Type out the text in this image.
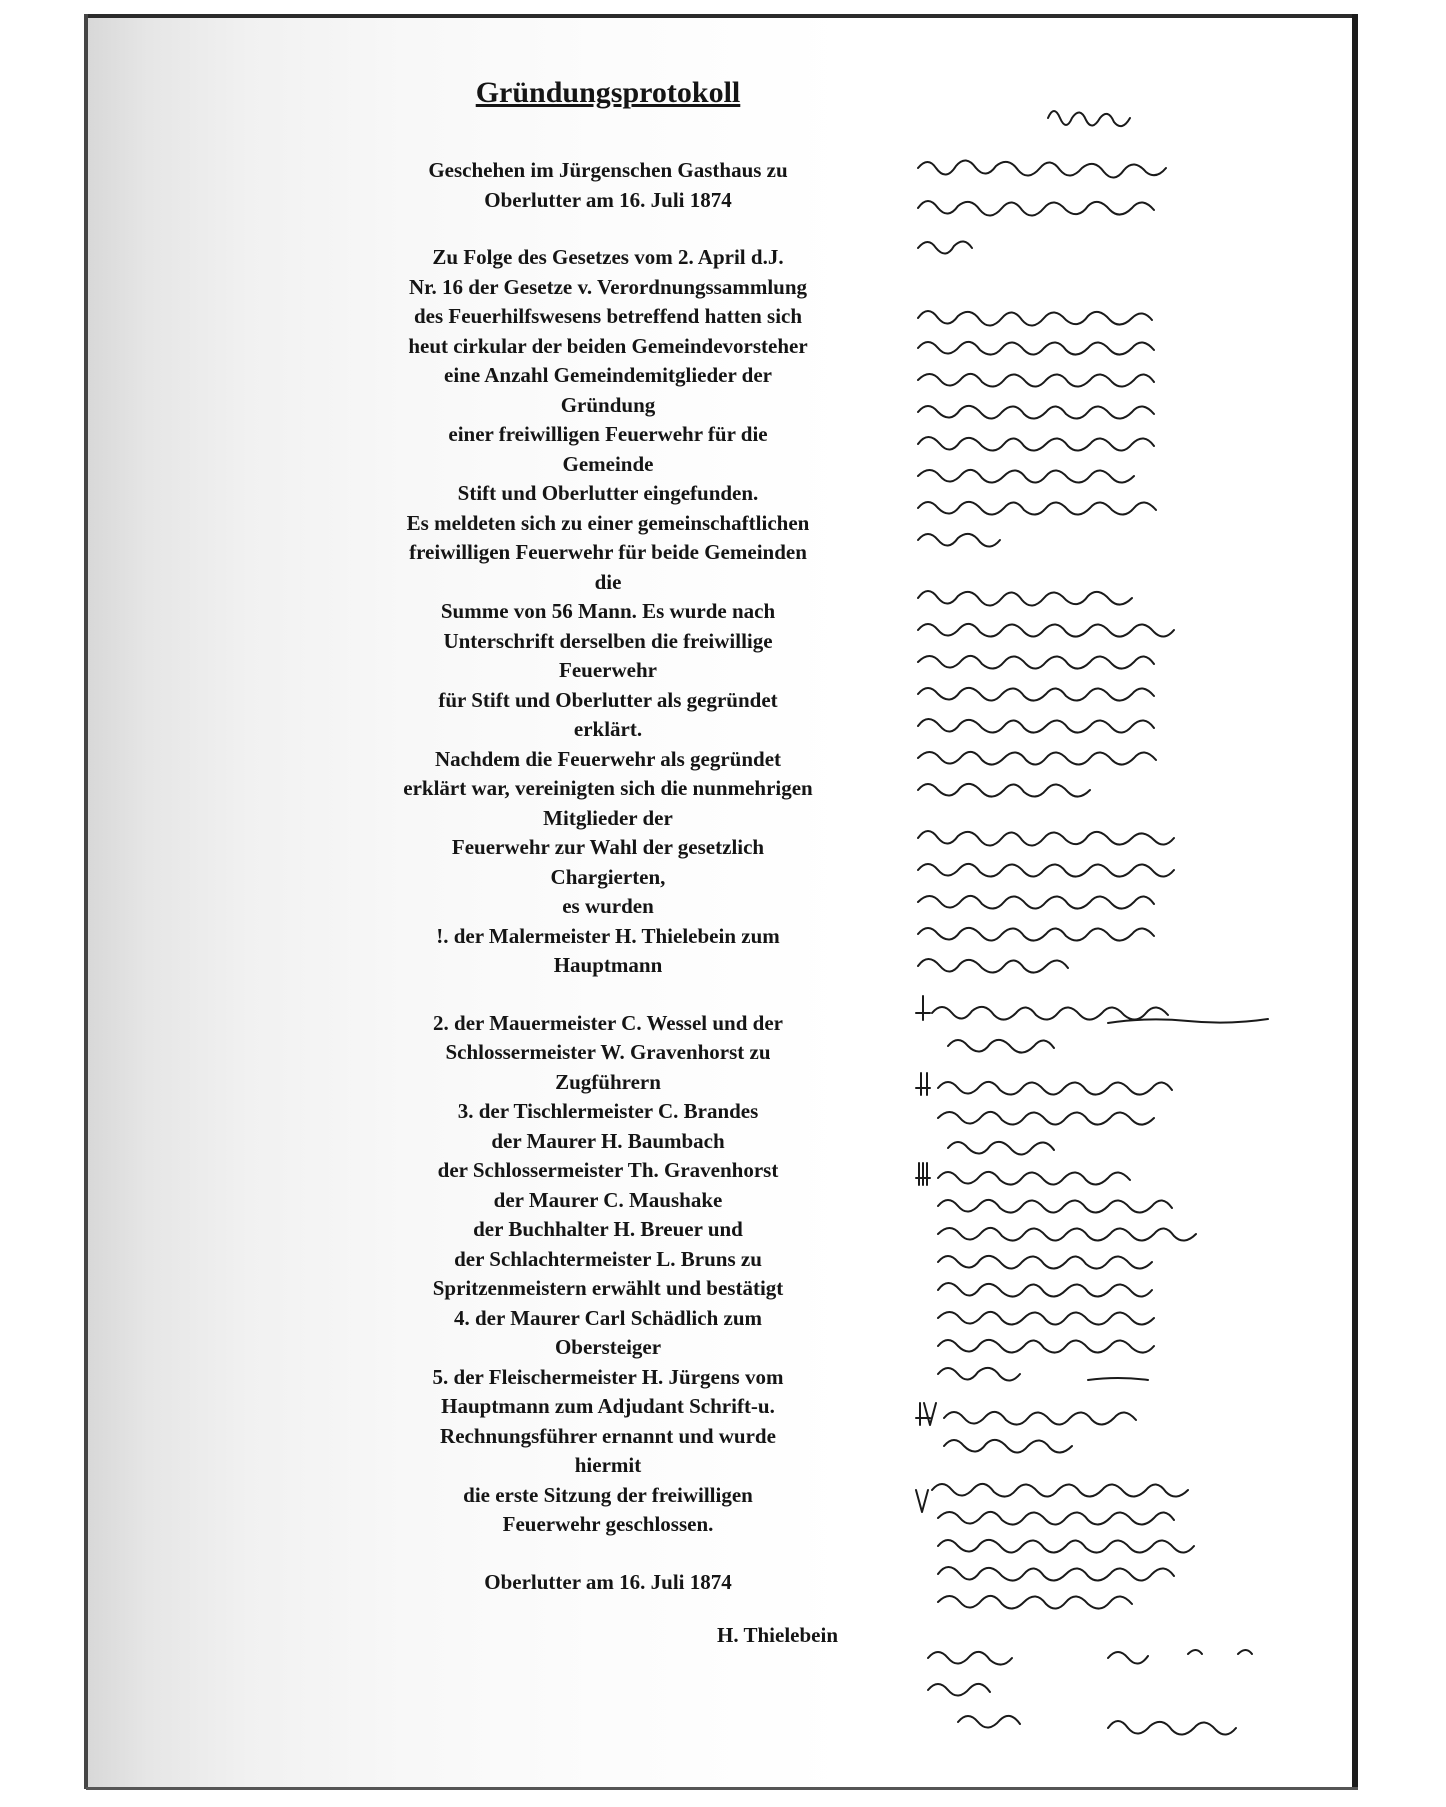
Gründungsprotokoll
Geschehen im Jürgenschen Gasthaus zu
Oberlutter am 16. Juli 1874
Zu Folge des Gesetzes vom 2. April d.J.
Nr. 16 der Gesetze v. Verordnungssammlung
des Feuerhilfswesens betreffend hatten sich
heut cirkular der beiden Gemeindevorsteher
eine Anzahl Gemeindemitglieder der
Gründung
einer freiwilligen Feuerwehr für die
Gemeinde
Stift und Oberlutter eingefunden.
Es meldeten sich zu einer gemeinschaftlichen
freiwilligen Feuerwehr für beide Gemeinden
die
Summe von 56 Mann. Es wurde nach
Unterschrift derselben die freiwillige
Feuerwehr
für Stift und Oberlutter als gegründet
erklärt.
Nachdem die Feuerwehr als gegründet
erklärt war, vereinigten sich die nunmehrigen
Mitglieder der
Feuerwehr zur Wahl der gesetzlich
Chargierten,
es wurden
!. der Malermeister H. Thielebein zum
Hauptmann
2. der Mauermeister C. Wessel und der
Schlossermeister W. Gravenhorst zu
Zugführern
3. der Tischlermeister C. Brandes
der Maurer H. Baumbach
der Schlossermeister Th. Gravenhorst
der Maurer C. Maushake
der Buchhalter H. Breuer und
der Schlachtermeister L. Bruns zu
Spritzenmeistern erwählt und bestätigt
4. der Maurer Carl Schädlich zum
Obersteiger
5. der Fleischermeister H. Jürgens vom
Hauptmann zum Adjudant Schrift-u.
Rechnungsführer ernannt und wurde
hiermit
die erste Sitzung der freiwilligen
Feuerwehr geschlossen.
Oberlutter am 16. Juli 1874
H. Thielebein
